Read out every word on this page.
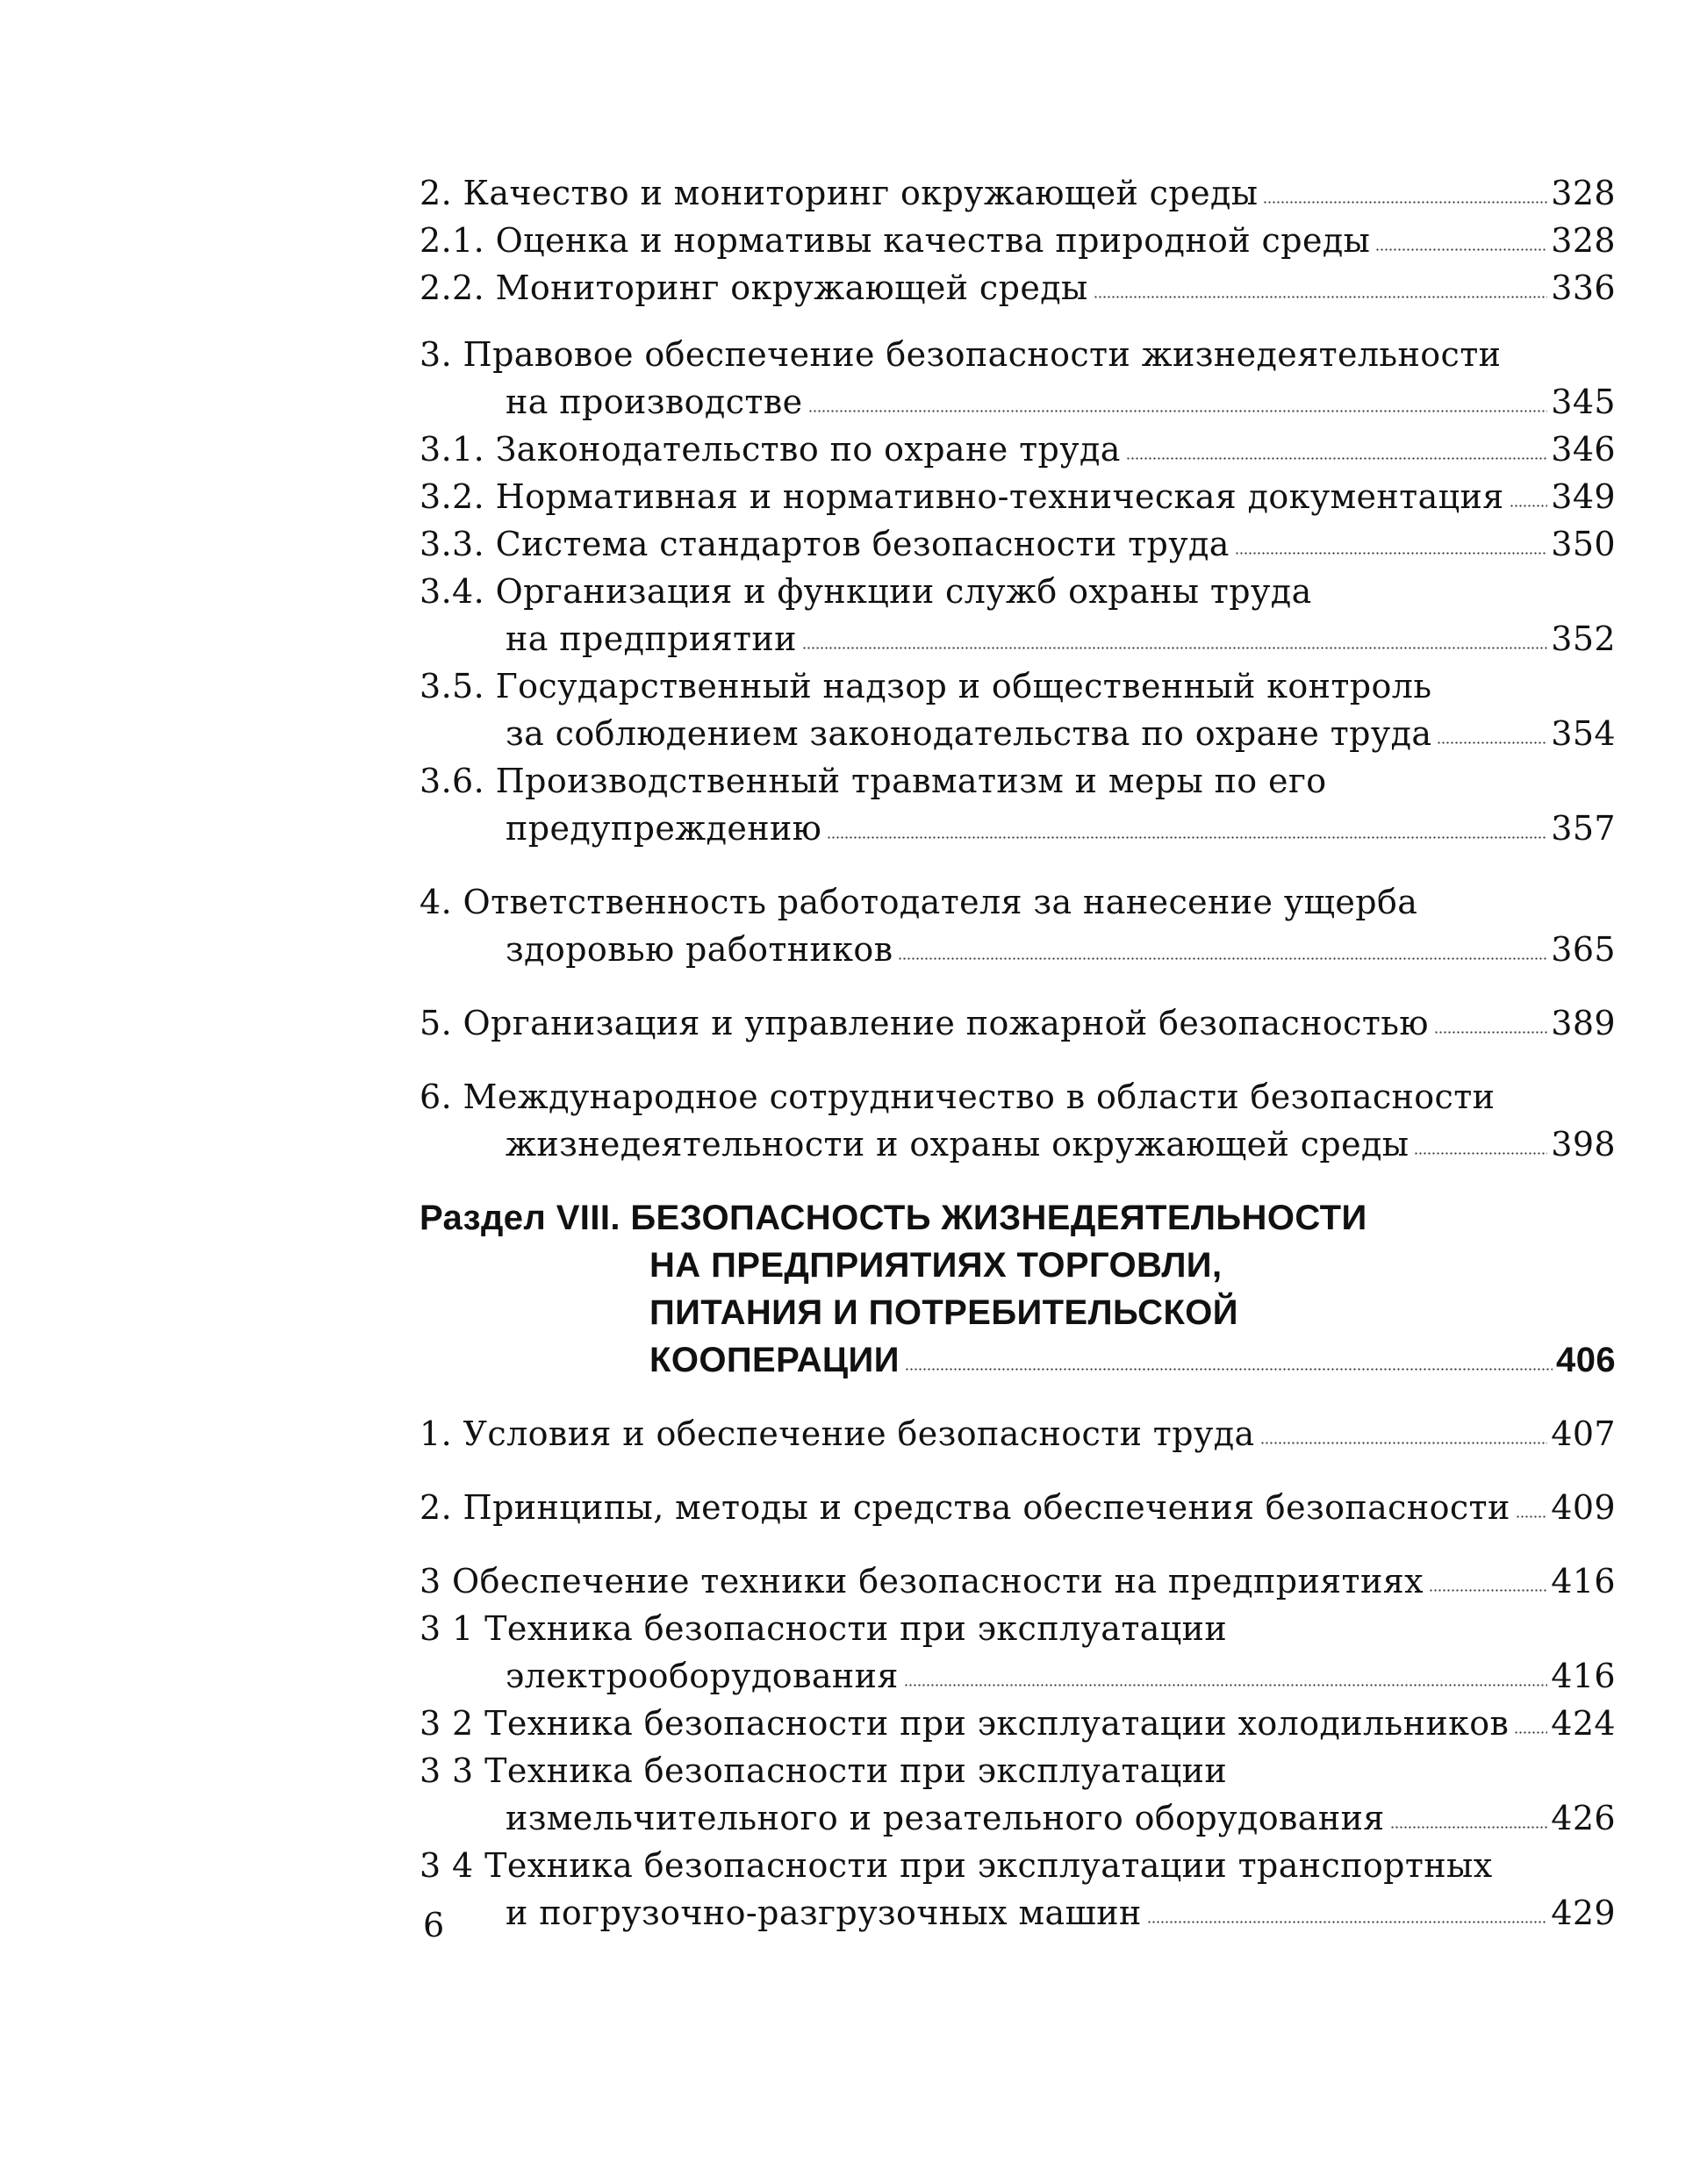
2. Качество и мониторинг окружающей среды	328
2.1. Оценка и нормативы качества природной среды	328
2.2. Мониторинг окружающей среды	336
3. Правовое обеспечение безопасности жизнедеятельности
на производстве	345
3.1. Законодательство по охране труда	346
3.2. Нормативная и нормативно-техническая документация 349
3.3. Система стандартов безопасности труда	350
3.4. Организация и функции служб охраны труда
на предприятии	352
3.5. Государственный надзор и общественный контроль
за соблюдением законодательства по охране труда	354
3.6. Производственный травматизм и меры по его
предупреждению	357
4. Ответственность работодателя за нанесение ущерба
здоровью работников	365
5. Организация и управление пожарной безопасностью	389
6. Международное сотрудничество в области безопасности
жизнедеятельности и охраны окружающей среды	398
Раздел VIII. БЕЗОПАСНОСТЬ ЖИЗНЕДЕЯТЕЛЬНОСТИ
НА ПРЕДПРИЯТИЯХ ТОРГОВЛИ,
ПИТАНИЯ И ПОТРЕБИТЕЛЬСКОЙ
КООПЕРАЦИИ	406
1. Условия и обеспечение безопасности труда	407
2. Принципы, методы и средства обеспечения безопасности 409
3 Обеспечение техники безопасности на предприятиях	416
3 1 Техника безопасности при эксплуатации
электрооборудования	416
3 2 Техника безопасности при эксплуатации холодильников 424
3 3 Техника безопасности при эксплуатации
измельчительного и резательного оборудования	426
3 4 Техника безопасности при эксплуатации транспортных
и погрузочно-разгрузочных машин	429
6
